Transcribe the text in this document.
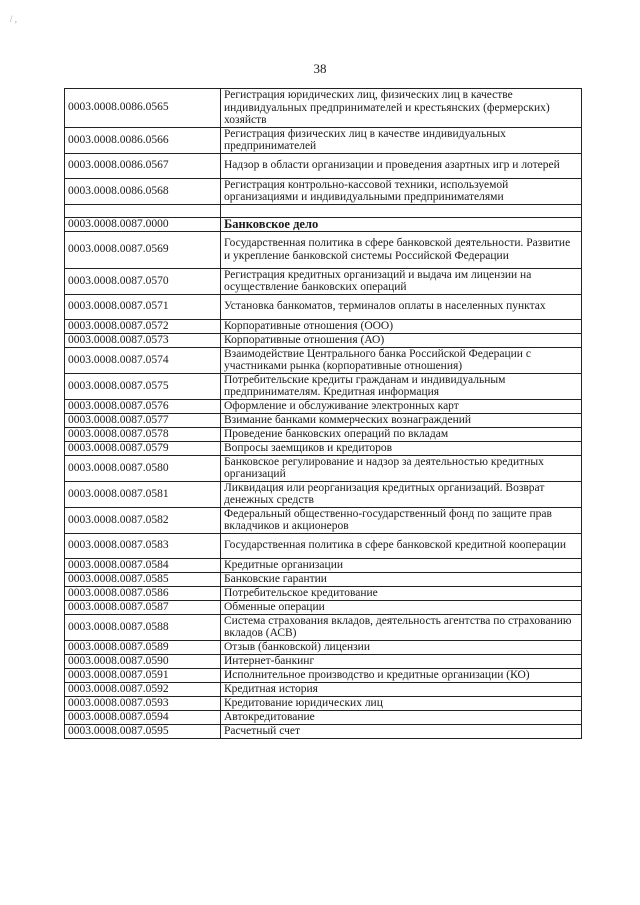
/ ,
38
0003.0008.0086.0565	Регистрация юридических лиц, физических лиц в качестве индивидуальных предпринимателей и крестьянских (фермерских) хозяйств
0003.0008.0086.0566	Регистрация физических лиц в качестве индивидуальных предпринимателей
0003.0008.0086.0567	Надзор в области организации и проведения азартных игр и лотерей
0003.0008.0086.0568	Регистрация контрольно-кассовой техники, используемой организациями и индивидуальными предпринимателями

0003.0008.0087.0000	Банковское дело
0003.0008.0087.0569	Государственная политика в сфере банковской деятельности. Развитие и укрепление банковской системы Российской Федерации
0003.0008.0087.0570	Регистрация кредитных организаций и выдача им лицензии на осуществление банковских операций
0003.0008.0087.0571	Установка банкоматов, терминалов оплаты в населенных пунктах
0003.0008.0087.0572	Корпоративные отношения (ООО)
0003.0008.0087.0573	Корпоративные отношения (АО)
0003.0008.0087.0574	Взаимодействие Центрального банка Российской Федерации с участниками рынка (корпоративные отношения)
0003.0008.0087.0575	Потребительские кредиты гражданам и индивидуальным предпринимателям. Кредитная информация
0003.0008.0087.0576	Оформление и обслуживание электронных карт
0003.0008.0087.0577	Взимание банками коммерческих вознаграждений
0003.0008.0087.0578	Проведение банковских операций по вкладам
0003.0008.0087.0579	Вопросы заемщиков и кредиторов
0003.0008.0087.0580	Банковское регулирование и надзор за деятельностью кредитных организаций
0003.0008.0087.0581	Ликвидация или реорганизация кредитных организаций. Возврат денежных средств
0003.0008.0087.0582	Федеральный общественно-государственный фонд по защите прав вкладчиков и акционеров
0003.0008.0087.0583	Государственная политика в сфере банковской кредитной кооперации
0003.0008.0087.0584	Кредитные организации
0003.0008.0087.0585	Банковские гарантии
0003.0008.0087.0586	Потребительское кредитование
0003.0008.0087.0587	Обменные операции
0003.0008.0087.0588	Система страхования вкладов, деятельность агентства по страхованию вкладов (АСВ)
0003.0008.0087.0589	Отзыв (банковской) лицензии
0003.0008.0087.0590	Интернет-банкинг
0003.0008.0087.0591	Исполнительное производство и кредитные организации (КО)
0003.0008.0087.0592	Кредитная история
0003.0008.0087.0593	Кредитование юридических лиц
0003.0008.0087.0594	Автокредитование
0003.0008.0087.0595	Расчетный счет
